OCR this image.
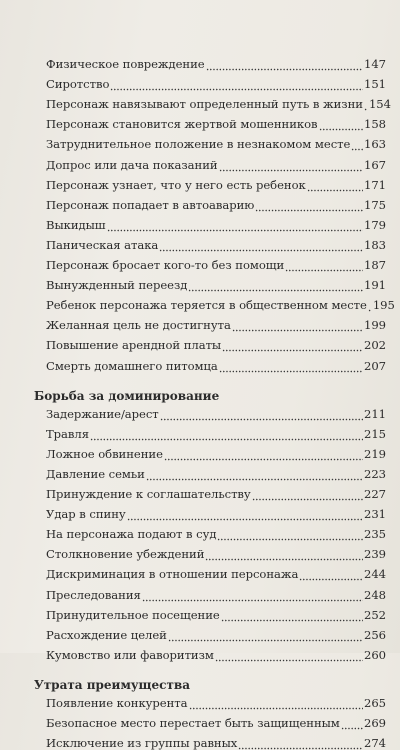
Физическое повреждение	147
Сиротство	151
Персонаж навязывают определенный путь в жизни 154
Персонаж становится жертвой мошенников	158
Затруднительное положение в незнакомом месте 163
Допрос или дача показаний	167
Персонаж узнает, что у него есть ребенок	171
Персонаж попадает в автоаварию	175
Выкидыш	179
Паническая атака	183
Персонаж бросает кого-то без помощи	187
Вынужденный переезд	191
Ребенок персонажа теряется в общественном месте 195
Желанная цель не достигнута	199
Повышение арендной платы	202
Смерть домашнего питомца	207
Борьба за доминирование
Задержание/арест	211
Травля	215
Ложное обвинение	219
Давление семьи	223
Принуждение к соглашательству	227
Удар в спину	231
На персонажа подают в суд	235
Столкновение убеждений	239
Дискриминация в отношении персонажа	244
Преследования	248
Принудительное посещение	252
Расхождение целей	256
Кумовство или фаворитизм	260
Утрата преимущества
Появление конкурента	265
Безопасное место перестает быть защищенным 269
Исключение из группы равных	274
